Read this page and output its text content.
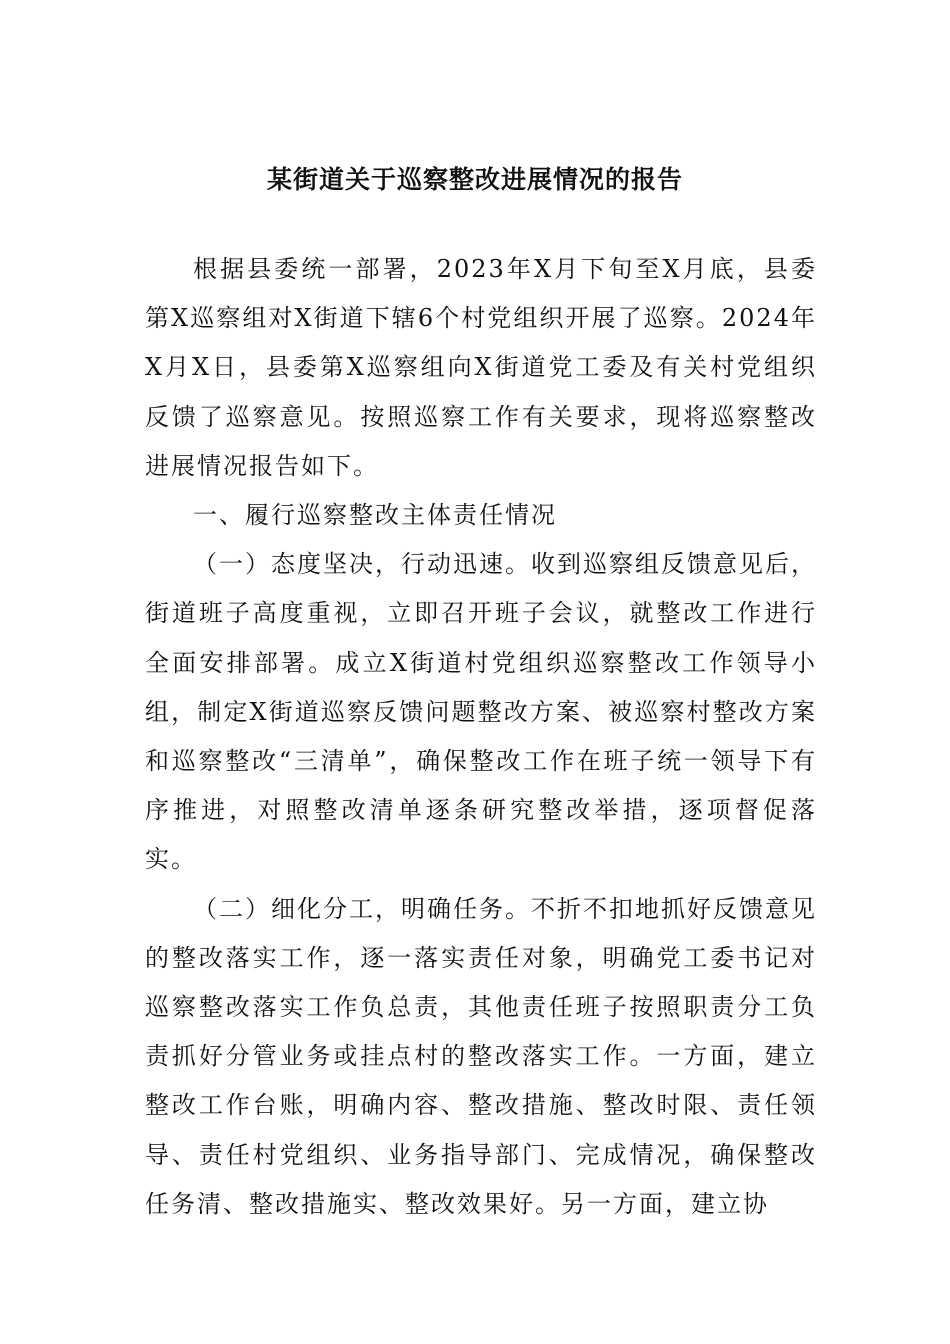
某街道关于巡察整改进展情况的报告

根据县委统一部署，2023年X月下旬至X月底，县委第X巡察组对X街道下辖6个村党组织开展了巡察。2024年X月X日，县委第X巡察组向X街道党工委及有关村党组织反馈了巡察意见。按照巡察工作有关要求，现将巡察整改进展情况报告如下。

一、履行巡察整改主体责任情况

（一）态度坚决，行动迅速。收到巡察组反馈意见后，街道班子高度重视，立即召开班子会议，就整改工作进行全面安排部署。成立X街道村党组织巡察整改工作领导小组，制定X街道巡察反馈问题整改方案、被巡察村整改方案和巡察整改“三清单”，确保整改工作在班子统一领导下有序推进，对照整改清单逐条研究整改举措，逐项督促落实。

（二）细化分工，明确任务。不折不扣地抓好反馈意见的整改落实工作，逐一落实责任对象，明确党工委书记对巡察整改落实工作负总责，其他责任班子按照职责分工负责抓好分管业务或挂点村的整改落实工作。一方面，建立整改工作台账，明确内容、整改措施、整改时限、责任领导、责任村党组织、业务指导部门、完成情况，确保整改任务清、整改措施实、整改效果好。另一方面，建立协
